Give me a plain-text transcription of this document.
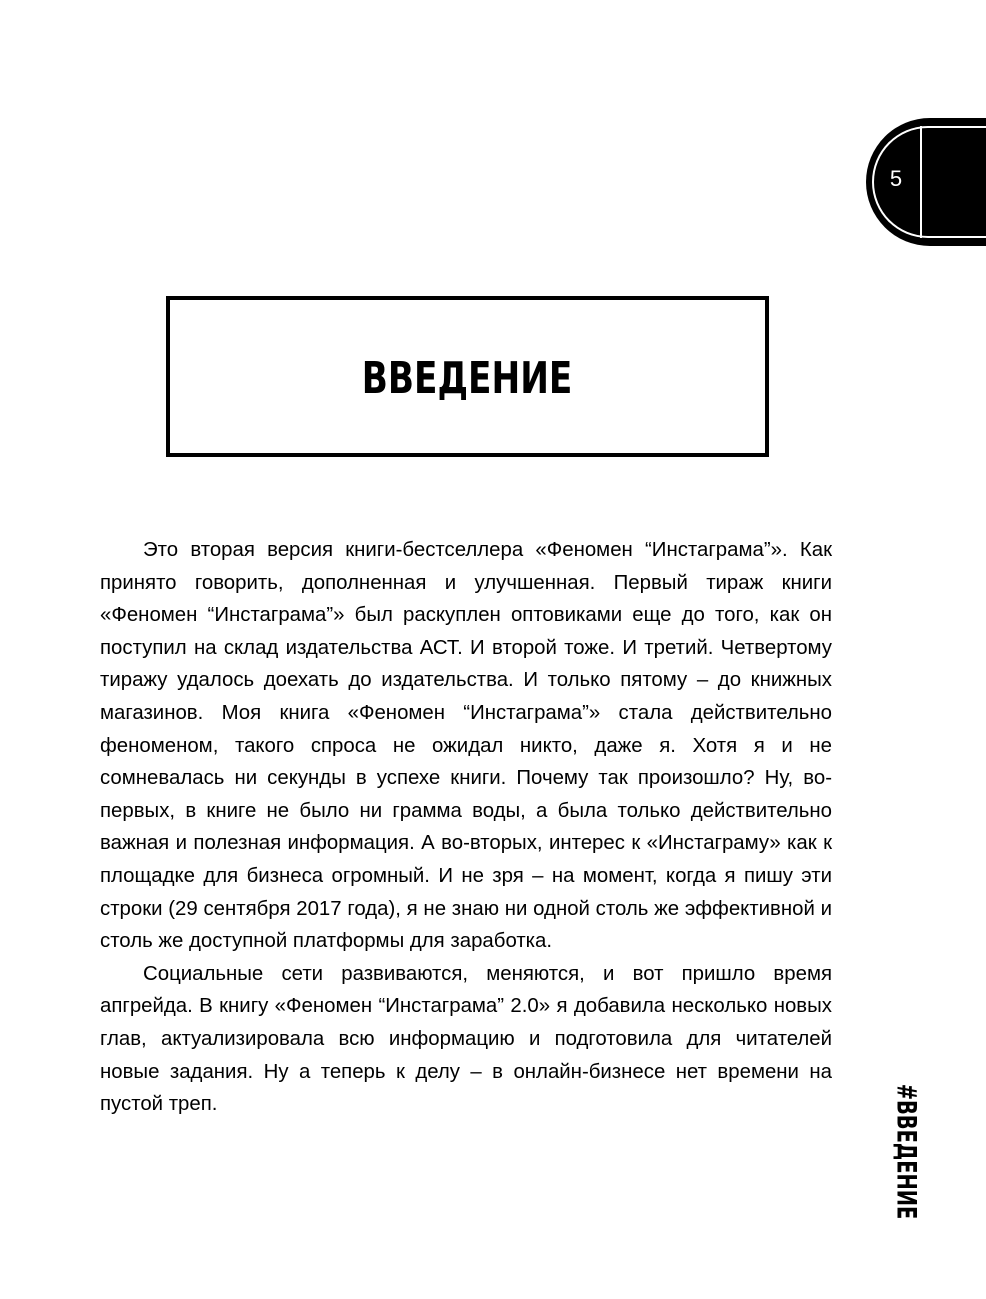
5
ВВЕДЕНИЕ

Это вторая версия книги-бестселлера «Феномен “Инстаграма”». Как принято говорить, дополненная и улучшенная. Первый тираж книги «Феномен “Инстаграма”» был раскуплен оптовиками еще до того, как он поступил на склад издательства АСТ. И второй тоже. И третий. Четвертому тиражу удалось доехать до издательства. И только пятому – до книжных магазинов. Моя книга «Феномен “Инстаграма”» стала действительно феноменом, такого спроса не ожидал никто, даже я. Хотя я и не сомневалась ни секунды в успехе книги. Почему так произошло? Ну, во-первых, в книге не было ни грамма воды, а была только действительно важная и полезная информация. А во-вторых, интерес к «Инстаграму» как к площадке для бизнеса огромный. И не зря – на момент, когда я пишу эти строки (29 сентября 2017 года), я не знаю ни одной столь же эффективной и столь же доступной платформы для заработка.

Социальные сети развиваются, меняются, и вот пришло время апгрейда. В книгу «Феномен “Инстаграма” 2.0» я добавила несколько новых глав, актуализировала всю информацию и подготовила для читателей новые задания. Ну а теперь к делу – в онлайн-бизнесе нет времени на пустой треп.	#ВВЕДЕНИЕ
